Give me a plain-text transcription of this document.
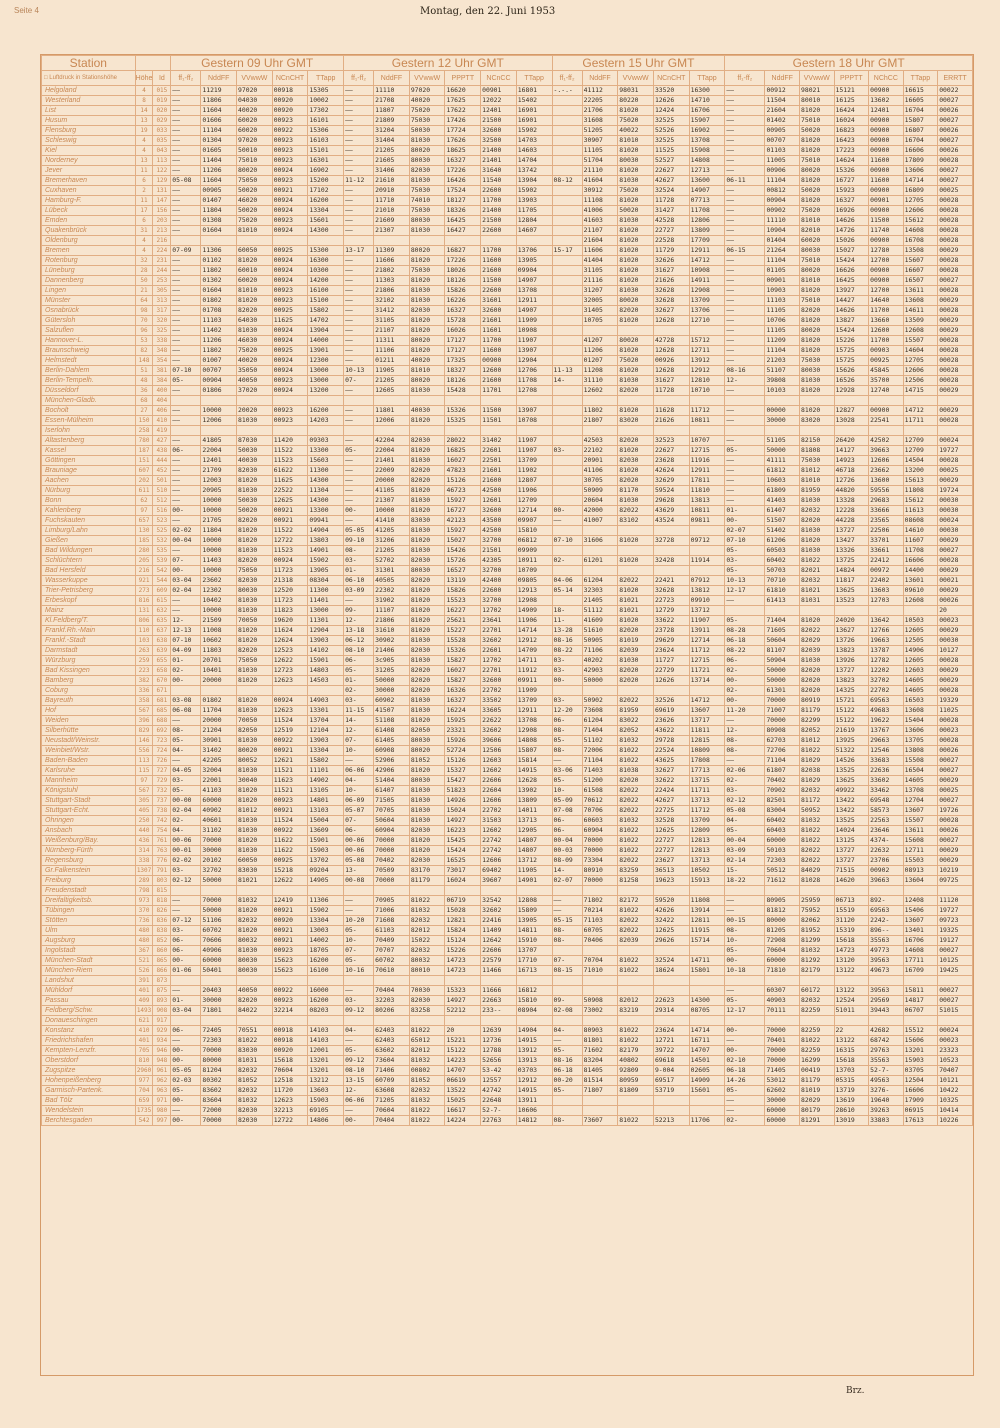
Seite 4	Montag, den 22. Juni 1953
Station			Gestern 09 Uhr GMT					Gestern 12 Uhr GMT						Gestern 15 Uhr GMT					Gestern 18 Uhr GMT						
□ Luftdruck in Stationshöhe	Höhe	Id	ff₁-ff₂	NddFF	VVwwW	NCnCHT	TTapp	ff₁-ff₂	NddFF	VVwwW	PPPTT	NCnCC	TTapp	ff₁-ff₂	NddFF	VVwwW	NCnCHT	TTapp	ff₁-ff₂	NddFF	VVwwW	PPPTT	NChCC	TTapp	ERRTT
Helgoland	4	015	——	11219	97020	00918	15305	——	11110	97020	16620	00901	16801	-.-.-	41112	98031	33520	16300	——	00912	98021	15121	00900	16615	00022
Westerland	8	019	——	11806	04030	00920	10002	——	21708	40020	17625	12022	15402		22205	80220	12626	14710	——	11504	80010	16125	13602	16605	00027
List	14	020	——	11604	40020	00920	17302	——	11807	75020	17622	12401	16901		21706	81020	12424	16706	——	21604	81020	16424	12401	16704	00026
Husum	13	029	——	01606	60020	00923	16101	——	21809	75030	17426	21500	16901		31608	75020	32525	15907	——	01402	75010	16024	00900	15807	00027
Flensburg	19	033	——	11104	60020	00922	15306	——	31204	50030	17724	32600	15902		51205	40022	52526	16902	——	00905	50020	16823	00900	16807	00026
Schleswig	4	035	——	01304	97020	00923	16103	——	31404	81030	17626	32500	14703		30907	81010	32525	13708	——	00707	81020	16423	00900	16704	00027
Kiel	4	043	——	01605	50010	00923	15101	——	21205	80020	18625	21400	14603		11105	81020	11525	15908	——	01103	81020	17223	00900	16606	00026
Norderney	13	113	——	11404	75010	00923	16301	——	21605	80030	16327	21401	14704		51704	80030	52527	14808	——	11005	75010	14624	11600	17809	00028
Jever	11	122	——	11206	80020	00924	16902	——	31406	82030	17226	31640	13742		21110	81020	22627	12713	——	00906	80020	15326	00900	13606	00027
Bremerhaven	6	129	05-08	11604	75050	00923	15200	11-12	21610	81030	16426	11540	13904	08-12	41604	81030	42627	13600	06-11	11104	81020	16727	11600	14714	00027
Cuxhaven	2	131	——	00905	50020	00921	17102	——	20910	75030	17524	22600	15902		30912	75020	32524	14907	——	00812	50020	15923	00900	16809	00025
Hamburg-F.	11	147	——	01407	46020	00924	16200	——	11710	74010	18127	11700	13903		11108	81020	11728	07713	——	00904	81020	16327	00901	12705	00028
Lübeck	17	156	——	11804	50020	00924	13304	——	21010	75030	18326	21400	11705		41006	50020	31427	11708	——	00902	75020	16926	00900	12606	00028
Emden	6	203	——	01308	75020	00923	15601	——	21609	80030	16425	21500	12804		41603	81030	42528	12806	——	11110	81010	14626	11500	15612	00028
Quakenbrück	31	213	——	01604	81010	00924	14300	——	21307	81030	16427	22600	14607		21107	81020	22727	13809	——	10904	82010	14726	11740	14608	00028
Oldenburg	4	216													21604	81020	22528	17709	——	01404	60020	15026	00900	16708	00028
Bremen	4	224	07-09	11306	60050	00925	15300	13-17	11309	80020	16827	11700	13706	15-17	11606	81020	11729	12911	06-15	21264	80030	15027	12780	13508	00029
Rotenburg	32	231	——	01102	81020	00924	16300	——	11606	81020	17226	11600	13905		41404	81020	32626	14712	——	11104	75010	15424	12700	15607	00028
Lüneburg	28	244	——	11802	60010	00924	10300	——	21802	75030	18026	21600	09904		31105	81020	31627	10908	——	01105	80020	16626	00900	16607	00028
Dannenberg	50	253	——	01302	60020	00924	14200	——	11303	81020	18126	11500	14907		21116	81020	21626	14911	——	00901	81010	16425	00900	16507	00027
Lingen	21	305	——	01604	81010	00923	16100	——	21806	81030	15826	22600	13708		31207	81030	32628	12908	——	10903	81020	13927	12700	13611	00028
Münster	64	313	——	01802	81020	00923	15100	——	32102	81030	16226	31601	12911		32005	80020	32628	13709	——	11103	75010	14427	14640	13608	00029
Osnabrück	98	317	——	01708	82020	00925	15802	——	31412	82030	16327	32600	14907		31405	82020	32627	13706	——	11105	82020	14626	11700	14611	00028
Gütersloh	70	320	——	11103	64030	11625	14702	——	31105	81020	15728	21601	11909		10705	81020	12628	12710	——	10706	81020	13827	13660	13509	00029
Salzuflen	96	325	——	11402	81030	00924	13904	——	21107	81020	16026	11601	10908						——	11105	80020	15424	12600	12608	00029
Hannover-L.	53	338	——	11206	46030	00924	14000	——	11311	80020	17127	11700	11907		41207	80020	42728	15712	——	11209	81020	15226	11700	15507	00028
Braunschweig	82	348	——	11802	75020	00925	13901	——	11106	81020	17127	11600	13907		11206	81020	12628	12711	——	11104	81020	15725	00903	14604	00028
Helmstedt	148	354	——	01007	40020	00924	12300	——	01211	40020	17325	00900	12904		01207	75020	00926	13912	——	21203	75030	15725	00925	12705	00028
Berlin-Dahlem	51	381	07-10	00707	35050	00924	13000	10-13	11905	81010	18327	12600	12706	11-13	11208	81020	12628	12912	08-16	51107	80030	15626	45845	12606	00028
Berlin-Tempelh.	48	384	05-	00904	40050	00923	13000	07-	21205	80020	18126	21600	11708	14-	31110	81030	31627	12810	12-	39808	81030	16526	35700	12506	00028
Düsseldorf	36	400	——	01806	37020	00924	13200	——	12605	81030	15428	11701	12708		12602	82020	11728	10710	——	10103	81020	12928	12740	14715	00029
München-Gladb.	68	404																							
Bocholt	27	406	——	10000	20020	00923	16200	——	11801	40030	15326	11500	13907		11802	81020	11628	11712	——	00000	81020	12827	00900	14712	00029
Essen-Mülheim	150	410	——	12006	81030	00923	14203	——	12006	81020	15325	11501	10708		21807	83020	21626	10811	——	30000	83020	13028	22541	11711	00028
Iserlohn	258	419																							
Altastenberg	780	427	——	41805	87030	11420	09303	——	42204	82030	28022	31402	11907		42503	82020	32523	10707	——	51105	82150	26420	42502	12709	00024
Kassel	187	438	06-	22004	50030	11522	13300	05-	22004	81020	16825	22601	11907	03-	22102	81020	22627	12715	05-	50000	81808	14127	39663	12709	19727
Göttingen	151	444	——	12401	40030	11523	15603	——	21401	81030	16027	22501	13709		20901	82030	23628	11916	——	41111	75030	14923	12606	14504	00028
Brauniage	607	452	——	21709	82030	61622	11300	——	22009	82020	47823	21601	11902		41106	81020	42624	12911	——	61812	81012	46718	23662	13200	00025
Aachen	202	501	——	12003	81020	11625	14300	——	20000	82020	15126	21600	12807		30705	82020	32629	17811	——	10603	81010	12726	13600	15613	00029
Nürburg	611	510	——	20905	81030	22522	11304	——	41105	81020	46723	42500	11906		50909	81170	59524	11810	——	61809	81959	44820	59556	11808	19724
Bonn	62	512	——	10000	50030	12625	14300	——	21307	81030	15927	12601	12709		20604	81030	29628	13813	——	41403	81030	13328	29683	15612	00030
Kahlenberg	97	516	00-	10000	50020	00921	13300	00-	10000	81020	16727	32600	12714	00-	42000	82022	43629	10811	01-	61407	82032	12228	33666	11613	00030
Fuchskauten	657	523	——	21705	82020	00921	09941	——	41410	83030	42123	43500	09907	——	41007	83102	43524	09811	00-	51507	82020	44228	23565	08608	00024
Limburg/Lahn	130	525	02-02	11804	81020	11522	14904	05-05	41205	81030	15927	42500	15810						02-07	51402	81030	13727	22506	14610	00030
Gießen	185	532	00-04	10000	81020	12722	13803	09-10	31206	81020	15027	32700	06812	07-10	31606	81020	32728	09712	07-10	61206	81020	13427	33701	11607	00029
Bad Wildungen	280	535	——	10000	81030	11523	14901	08-	21205	81030	15426	21501	09909						05-	60503	81030	13326	33661	11708	00027
Schlüchtern	205	539	07-	11403	82020	00924	15902	03-	52702	82030	15726	42305	10911	02-	61201	81020	32428	11914	03-	60402	81022	13725	22412	16606	00028
Bad Hersfeld	216	542	00-	10000	75050	11723	13905	01-	31301	80030	16527	32700	10709						05-	50703	82021	14824	00972	14400	00029
Wasserkuppe	921	544	03-04	23602	82030	21318	08304	06-10	40505	82020	13119	42400	09805	04-06	61204	82022	22421	07912	10-13	70710	82032	11817	22402	13601	00021
Trier-Petrisberg	273	609	02-04	12302	80030	12520	11300	03-09	22302	81020	15826	22600	12913	05-14	32303	81020	32628	13812	12-17	61810	81021	13625	13603	09610	00029
Erbeskopf	816	615	——	10402	81030	11723	11401	——	31902	81020	15523	32700	12908		21405	81021	22723	09910	——	61413	81031	13523	12703	12608	00026
Mainz	131	632	——	10000	81030	11823	13000	09-	11107	81020	16227	12702	14909	18-	51112	81021	12729	13712							20
Kl.Feldberg/T.	806	635	12-	21509	70050	19620	11301	12-	21806	81020	25621	23641	11906	11-	41609	81020	33622	11907	05-	71404	81020	24020	13642	10503	00023
Frankf.Rh.-Main	110	637	12-13	11008	81020	11624	12904	13-18	31610	81020	15227	22701	14714	13-28	51610	82020	23728	13911	08-28	71605	82022	13627	12766	12605	00029
Frankf.-Stadt	103	638	07-10	10602	81020	12624	13903	06-12	30902	81030	15528	32602	12912	08-16	50905	81019	29629	12714	06-18	50604	82029	13726	19663	12505	00030
Darmstadt	263	639	04-09	11803	82020	12523	14102	08-10	21406	82030	15326	22601	14709	08-22	71106	82039	23624	11712	08-22	81107	82039	13823	13787	14906	10127
Würzburg	259	655	01-	20701	75050	12622	15901	06-	3c905	81030	15827	12702	14711	03-	40202	81030	11727	12715	06-	50904	81030	13926	12782	12605	00028
Bad Kissingen	223	658	02-	10401	81030	12723	14803	05-	31205	82020	16027	22701	11912	03-	42903	82020	22729	11721	02-	50000	82020	13727	12202	12603	00029
Bamberg	382	670	00-	20000	81020	12623	14503	01-	50000	82020	15827	32600	09911	00-	50000	82020	12626	13714	00-	50000	82020	13823	32702	14605	00029
Coburg	336	671						02-	30000	82020	16326	22702	11909						02-	61301	82020	14325	22702	14605	00028
Bayreuth	358	681	03-08	01802	81020	00924	14903	03-	60902	81030	16327	33502	13709	03-	50902	82022	32526	14712	00-	70000	80919	15721	69563	16503	19329
Hof	567	685	06-08	11704	81030	12623	13301	11-15	41507	81030	16224	33605	12911	12-20	73608	81959	69619	13607	11-20	71007	81179	15122	49683	13608	11025
Weiden	396	688	——	20000	70050	11524	13704	14-	51108	81020	15925	22622	13708	06-	61204	83022	23626	13717	——	70000	82299	15122	19622	15404	00028
Silberhütte	829	692	08-	21204	82050	12519	12104	12-	61408	82050	23321	32602	12908	08-	71404	82052	43622	11811	12-	80908	82052	21619	13767	13606	00023
Neustadt/Weinstr.	146	723	05-	30901	81030	00922	13903	07-	61405	80030	15926	39606	14808	05-	51102	81032	29728	12815	08-	62703	81012	13925	29663	13705	00028
Weinbiet/Wstr.	556	724	04-	31402	80020	00921	13304	10-	60908	80020	52724	12506	15807	08-	72006	81022	22524	10809	08-	72706	81022	51322	12546	13808	00026
Baden-Baden	113	726	——	42205	80052	12621	15802	——	52906	81052	15126	12603	15814	——	71104	81022	43625	17808	——	71104	81029	14526	33683	15508	00027
Karlsruhe	115	727	04-05	32004	81030	11521	11101	06-06	42906	81020	15327	12602	14915	03-06	71403	81038	32627	17713	02-06	61807	82038	13525	22636	16504	00027
Mannheim	97	729	03-	22001	30040	11623	14902	04-	51404	80030	15427	22606	12628	05-	51200	82020	32622	13715	02-	70402	81029	13625	33602	14605	00029
Königstuhl	567	732	05-	41103	81020	11521	13105	10-	61407	81030	51823	22604	13902	10-	61508	82022	22424	11711	03-	70902	82032	49922	33462	13708	00025
Stuttgart-Stadt	305	737	00-00	60000	81020	00923	14801	06-09	71505	81030	14926	12606	13809	05-09	70612	82022	42627	13713	02-12	82501	81172	13422	69548	12704	00027
Stuttgart-Echt.	405	738	02-04	40902	81012	00921	13103	05-07	70705	81030	15024	22702	14011	07-08	70706	82022	22725	11712	05-08	83004	50952	13422	58573	13607	19726
Öhringen	250	742	02-	40601	81030	11524	15004	07-	50604	81030	14927	31503	13713	06-	60603	81032	32528	13709	04-	60402	81032	13525	22563	15507	00028
Ansbach	440	754	04-	31102	81030	00922	13609	06-	60904	82030	16223	12602	12905	06-	60904	81022	12625	12809	05-	60403	81022	14024	23646	13611	00026
Weißenburg/Bay.	436	761	00-06	70000	81020	11622	15901	00-06	70000	81020	15425	22742	14807	00-04	70000	81022	22727	12813	00-04	60000	81022	13125	4374-	15608	00027
Nürnberg-Fürth	314	763	00-01	30000	81030	11622	15903	00-06	70000	81020	15424	22742	14807	00-03	70000	81022	22727	12813	03-09	50103	82022	13727	22632	12711	00029
Regensburg	338	776	02-02	20102	60050	00925	13702	05-08	70402	82030	16525	12606	13712	08-09	73304	82022	23627	13713	02-14	72303	82022	13727	23706	15503	00029
Gr.Falkenstein	1307	791	03-	32702	83030	15218	09204	13-	70509	83170	73017	69402	11905	14-	80910	83259	36513	10502	15-	50512	84029	71515	00902	08913	10219
Freiburg	289	803	02-12	50000	81021	12622	14905	00-08	70000	81179	16024	39607	14901	02-07	70000	81258	19623	15913	18-22	71612	81028	14620	39663	13604	09725
Freudenstadt	798	815																							
Dreifaltigkeitsb.	973	818	——	70000	81032	12419	11306	——	70905	81022	06719	32542	12808	——	71802	82172	59520	11808	——	80905	25959	06713	892-	12408	11120
Tübingen	370	826	——	50000	81020	00921	15902	——	71006	81032	15028	32602	15809	——	70214	81022	42626	13914	——	81812	75952	15519	69563	15406	19727
Stötten	736	836	07-12	51106	82032	00920	13304	10-20	71608	82032	12821	22416	13905	05-15	71103	82022	32422	12811	00-15	80000	82062	31120	2242-	13607	09723
Ulm	480	838	03-	60702	81020	00921	13003	05-	61103	82012	15824	11409	14811	08-	60705	82022	12625	11915	08-	81205	81952	15319	896--	13401	19325
Augsburg	480	852	06-	70606	80032	00921	14002	10-	70409	15022	15124	12642	15910	08-	70406	82039	29626	15714	10-	72908	81299	15618	35563	16706	19127
Ingolstadt	367	860	06-	40906	81030	00923	18705	07-	70707	82032	15226	22606	13707						05-	70604	81032	14723	49773	14608	00027
München-Stadt	521	865	00-	60000	80030	15623	16200	05-	60702	80032	14723	22579	17710	07-	70704	81022	32524	14711	00-	60000	81292	13120	39563	17711	10125
München-Riem	526	866	01-06	50401	80030	15623	16100	10-16	70610	80010	14723	11466	16713	08-15	71010	81022	18624	15801	10-18	71810	82179	13122	49673	16709	19425
Landshut	391	873																							
Mühldorf	401	875	——	20403	40050	00922	16000	——	70404	70030	15323	11666	16812						——	60307	60172	13122	39563	15811	00027
Passau	409	893	01-	30000	82020	00923	16200	03-	32203	82030	14927	22663	15810	09-	50908	82012	22623	14300	05-	40903	82032	12524	29569	14817	00027
Feldberg/Schw.	1493	908	03-04	71801	84022	32214	08203	09-12	80206	83258	52212	233--	08904	02-08	73002	83219	29314	08705	12-17	70111	82259	51011	39443	06707	51015
Donaueschingen	621	917																							
Konstanz	410	929	06-	72405	70551	00918	14103	04-	62403	81022	20	12639	14904	04-	80903	81022	23624	14714	00-	70000	82259	22	42682	15512	00024
Friedrichshafen	401	934	——	72303	81022	00918	14103	——	62403	65012	15221	12736	14915	——	81801	81022	12721	16711	——	70401	81022	13122	68742	15606	00023
Kempten-Lenzfr.	705	946	00-	70000	83030	00920	12001	05-	63602	82012	15122	12788	13912	05-	71602	82179	39722	14707	00-	70000	82259	16315	29763	13201	23323
Oberstdorf	810	948	00-	80000	81031	15618	13201	09-12	73604	81032	14223	52656	13913	08-16	83204	40802	69618	14501	02-10	70000	16299	15618	35563	15903	10523
Zugspitze	2960	961	05-05	81204	82032	70604	13201	08-10	71406	00802	14707	53-42	03703	06-18	81405	92809	9-004	02605	06-18	71405	00419	13703	52-7-	03705	70407
Hohenpeißenberg	977	962	02-03	80302	81052	12518	13212	13-15	60709	81052	06619	12557	12912	00-20	81514	80959	69517	14909	14-26	53012	81179	05315	49563	12504	10121
Garmisch-Partenk.	704	963	05-	83602	82032	11720	13603	12-	63608	82032	13522	42742	14915	05-	71807	81809	53719	15601	05-	62602	81019	13719	3276-	16606	10422
Bad Tölz	659	971	00-	83604	81032	12623	15903	06-06	71205	81032	15025	22648	13911						——	30000	82029	13619	19640	17909	10325
Wendelstein	1735	980	——	72000	82030	32213	69105	——	70604	81022	16617	52-7-	10606						——	60000	80179	28610	39263	06915	10414
Berchtesgaden	542	997	00-	70000	82030	12722	14806	00-	70404	81022	14224	22763	14812	08-	73607	81022	52213	11706	02-	60000	81291	13019	33803	17613	10226
Brz.
